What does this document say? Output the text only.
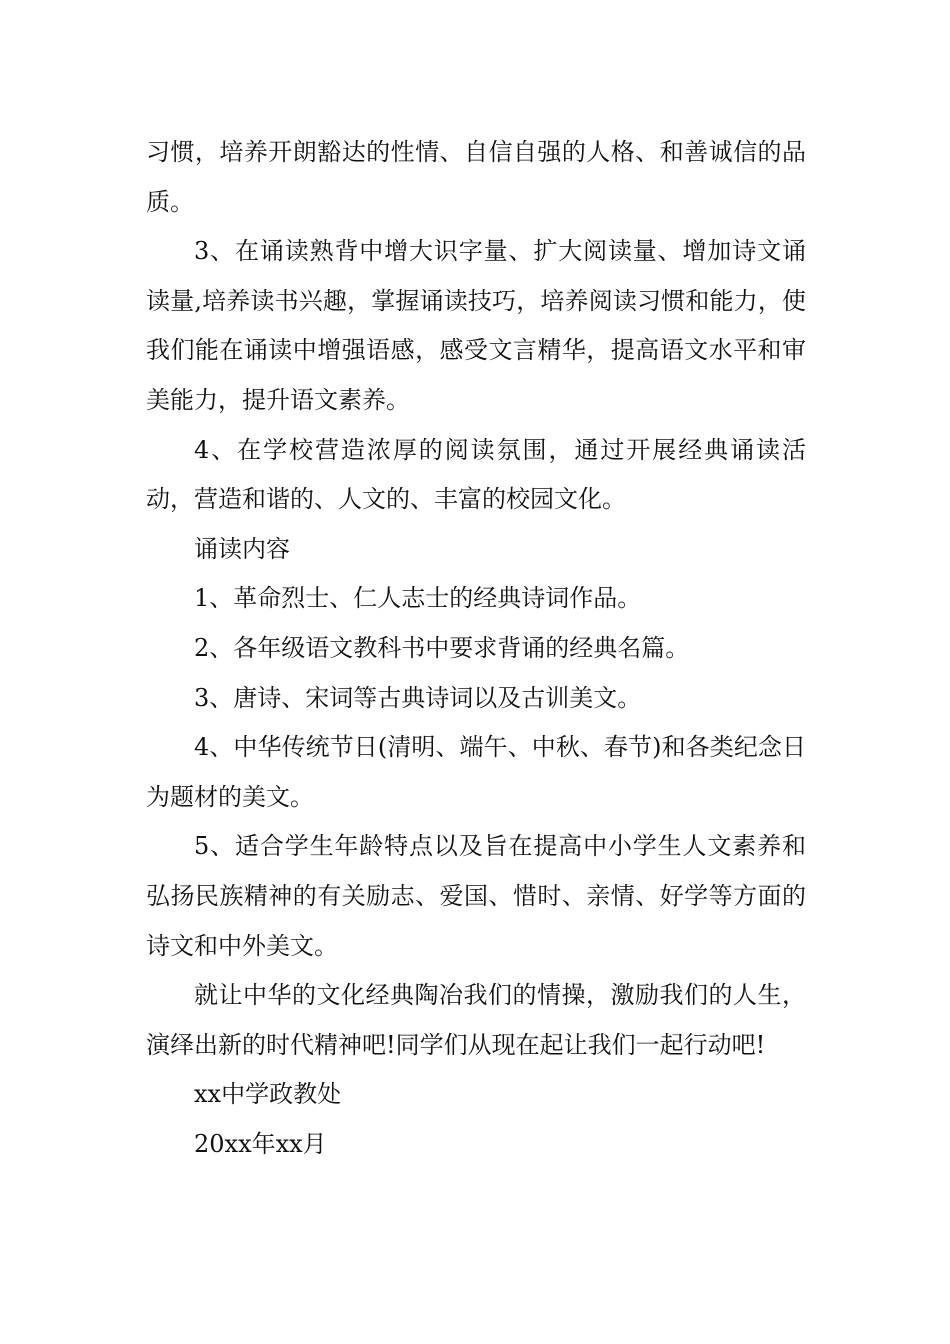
习惯，培养开朗豁达的性情、自信自强的人格、和善诚信的品质。

3、在诵读熟背中增大识字量、扩大阅读量、增加诗文诵读量,培养读书兴趣，掌握诵读技巧，培养阅读习惯和能力，使我们能在诵读中增强语感，感受文言精华，提高语文水平和审美能力，提升语文素养。

4、在学校营造浓厚的阅读氛围，通过开展经典诵读活动，营造和谐的、人文的、丰富的校园文化。

诵读内容

1、革命烈士、仁人志士的经典诗词作品。

2、各年级语文教科书中要求背诵的经典名篇。

3、唐诗、宋词等古典诗词以及古训美文。

4、中华传统节日(清明、端午、中秋、春节)和各类纪念日为题材的美文。

5、适合学生年龄特点以及旨在提高中小学生人文素养和弘扬民族精神的有关励志、爱国、惜时、亲情、好学等方面的诗文和中外美文。

就让中华的文化经典陶冶我们的情操，激励我们的人生，演绎出新的时代精神吧!同学们从现在起让我们一起行动吧!

xx中学政教处

20xx年xx月
